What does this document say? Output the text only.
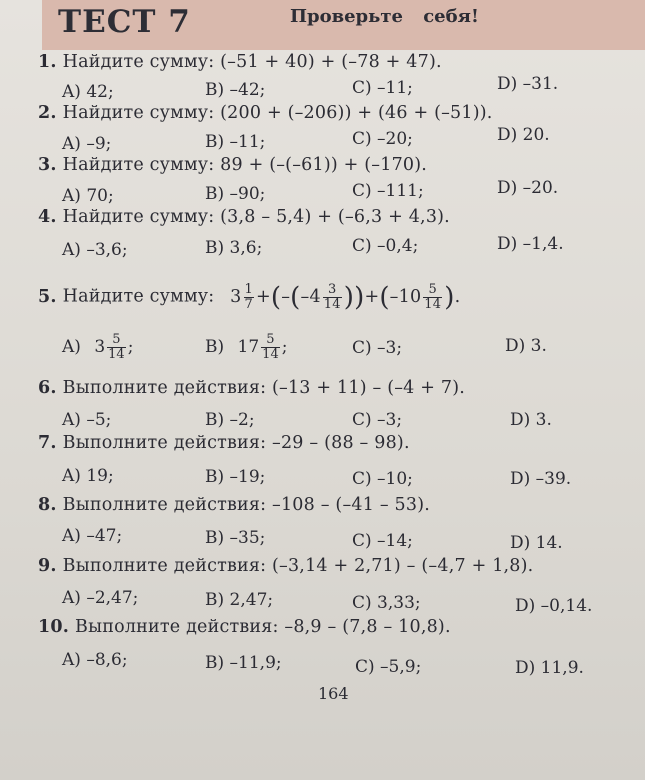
ТЕСТ 7	Проверьте себя!
1. Найдите сумму: (–51 + 40) + (–78 + 47).
A) 42;	B) –42;	C) –11;	D) –31.
2. Найдите сумму: (200 + (–206)) + (46 + (–51)).
A) –9;	B) –11;	C) –20;	D) 20.
3. Найдите сумму: 89 + (–(–61)) + (–170).
A) 70;	B) –90;	C) –111;	D) –20.
4. Найдите сумму: (3,8 – 5,4) + (–6,3 + 4,3).
A) –3,6;	B) 3,6;	C) –0,4;	D) –1,4.
5. Найдите сумму: $3 \frac{1}{7} +(-(-4 \frac{3}{14} ))+(-10 \frac{5}{14}$ ).
A) $3 \frac{5}{14}$ ;	B) $17 \frac{5}{14}$ ;	C) –3;	D) 3.
6. Выполните действия: (–13 + 11) – (–4 + 7).
A) –5;	B) –2;	C) –3;	D) 3.
7. Выполните действия: –29 – (88 – 98).
A) 19;	B) –19;	C) –10;	D) –39.
8. Выполните действия: –108 – (–41 – 53).
A) –47;	B) –35;	C) –14;	D) 14.
9. Выполните действия: (–3,14 + 2,71) – (–4,7 + 1,8).
A) –2,47;	B) 2,47;	C) 3,33;	D) –0,14.
10. Выполните действия: –8,9 – (7,8 – 10,8).
A) –8,6;	B) –11,9;	C) –5,9;	D) 11,9.
164
